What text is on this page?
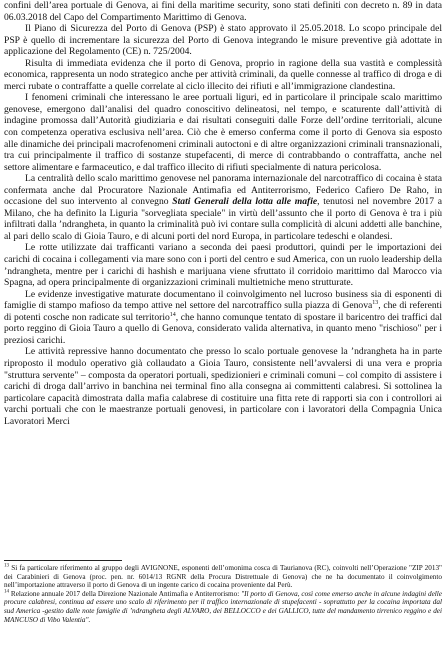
confini dell’area portuale di Genova, ai fini della maritime security, sono stati definiti con decreto n. 89 in data 06.03.2018 del Capo del Compartimento Marittimo di Genova.

Il Piano di Sicurezza del Porto di Genova (PSP) è stato approvato il 25.05.2018. Lo scopo principale del PSP è quello di incrementare la sicurezza del Porto di Genova integrando le misure preventive già adottate in applicazione del Regolamento (CE) n. 725/2004.

Risulta di immediata evidenza che il porto di Genova, proprio in ragione della sua vastità e complessità economica, rappresenta un nodo strategico anche per attività criminali, da quelle connesse al traffico di droga e di merci rubate o contraffatte a quelle correlate al ciclo illecito dei rifiuti e all’immigrazione clandestina.

I fenomeni criminali che interessano le aree portuali liguri, ed in particolare il principale scalo marittimo genovese, emergono dall’analisi del quadro conoscitivo delineatosi, nel tempo, e scaturente dall’attività di indagine promossa dall’Autorità giudiziaria e dai risultati conseguiti dalle Forze dell’ordine territoriali, alcune con competenza operativa esclusiva nell’area. Ciò che è emerso conferma come il porto di Genova sia esposto alle dinamiche dei principali macrofenomeni criminali autoctoni e di altre organizzazioni criminali transnazionali, tra cui principalmente il traffico di sostanze stupefacenti, di merce di contrabbando o contraffatta, anche nel settore alimentare e farmaceutico, e dal traffico illecito di rifiuti specialmente di natura pericolosa.

La centralità dello scalo marittimo genovese nel panorama internazionale del narcotraffico di cocaina è stata confermata anche dal Procuratore Nazionale Antimafia ed Antiterrorismo, Federico Cafiero De Raho, in occasione del suo intervento al convegno Stati Generali della lotta alle mafie, tenutosi nel novembre 2017 a Milano, che ha definito la Liguria "sorvegliata speciale" in virtù dell’assunto che il porto di Genova è tra i più infiltrati dalla ’ndrangheta, in quanto la criminalità può ivi contare sulla complicità di alcuni addetti alle banchine, al pari dello scalo di Gioia Tauro, e di alcuni porti del nord Europa, in particolare tedeschi e olandesi.

Le rotte utilizzate dai trafficanti variano a seconda dei paesi produttori, quindi per le importazioni dei carichi di cocaina i collegamenti via mare sono con i porti del centro e sud America, con un ruolo leadership della ’ndrangheta, mentre per i carichi di hashish e marijuana viene sfruttato il corridoio marittimo dal Marocco via Spagna, ad opera principalmente di organizzazioni criminali multietniche meno strutturate.

Le evidenze investigative maturate documentano il coinvolgimento nel lucroso business sia di esponenti di famiglie di stampo mafioso da tempo attive nel settore del narcotraffico sulla piazza di Genova$^{13}$, che di referenti di potenti cosche non radicate sul territorio$^{14}$, che hanno comunque tentato di spostare il baricentro dei traffici dal porto reggino di Gioia Tauro a quello di Genova, considerato valida alternativa, in quanto meno "rischioso" per i preziosi carichi.

Le attività repressive hanno documentato che presso lo scalo portuale genovese la ’ndrangheta ha in parte riproposto il modulo operativo già collaudato a Gioia Tauro, consistente nell’avvalersi di una vera e propria "struttura servente" – composta da operatori portuali, spedizionieri e criminali comuni – col compito di assistere i carichi di droga dall’arrivo in banchina nei terminal fino alla consegna ai committenti calabresi. Si sottolinea la particolare capacità dimostrata dalla mafia calabrese di costituire una fitta rete di rapporti sia con i controllori ai varchi portuali che con le maestranze portuali genovesi, in particolare con i lavoratori della Compagnia Unica Lavoratori Merci

$^{13}$ Si fa particolare riferimento al gruppo degli AVIGNONE, esponenti dell’omonima cosca di Taurianova (RC), coinvolti nell’Operazione "ZIP 2013" dei Carabinieri di Genova (proc. pen. nr. 6014/13 RGNR della Procura Distrettuale di Genova) che ne ha documentato il coinvolgimento nell’importazione attraverso il porto di Genova di un ingente carico di cocaina proveniente dal Perù.

$^{14}$ Relazione annuale 2017 della Direzione Nazionale Antimafia e Antiterrorismo: "Il porto di Genova, così come emerso anche in alcune indagini delle procure calabresi, continua ad essere uno scalo di riferimento per il traffico internazionale di stupefacenti - soprattutto per la cocaina importata dal sud America -gestito dalle note famiglie di ’ndrangheta degli ALVARO, dei BELLOCCO e dei GALLICO, tutte del mandamento tirrenico reggino e dei MANCUSO di Vibo Valentia".
